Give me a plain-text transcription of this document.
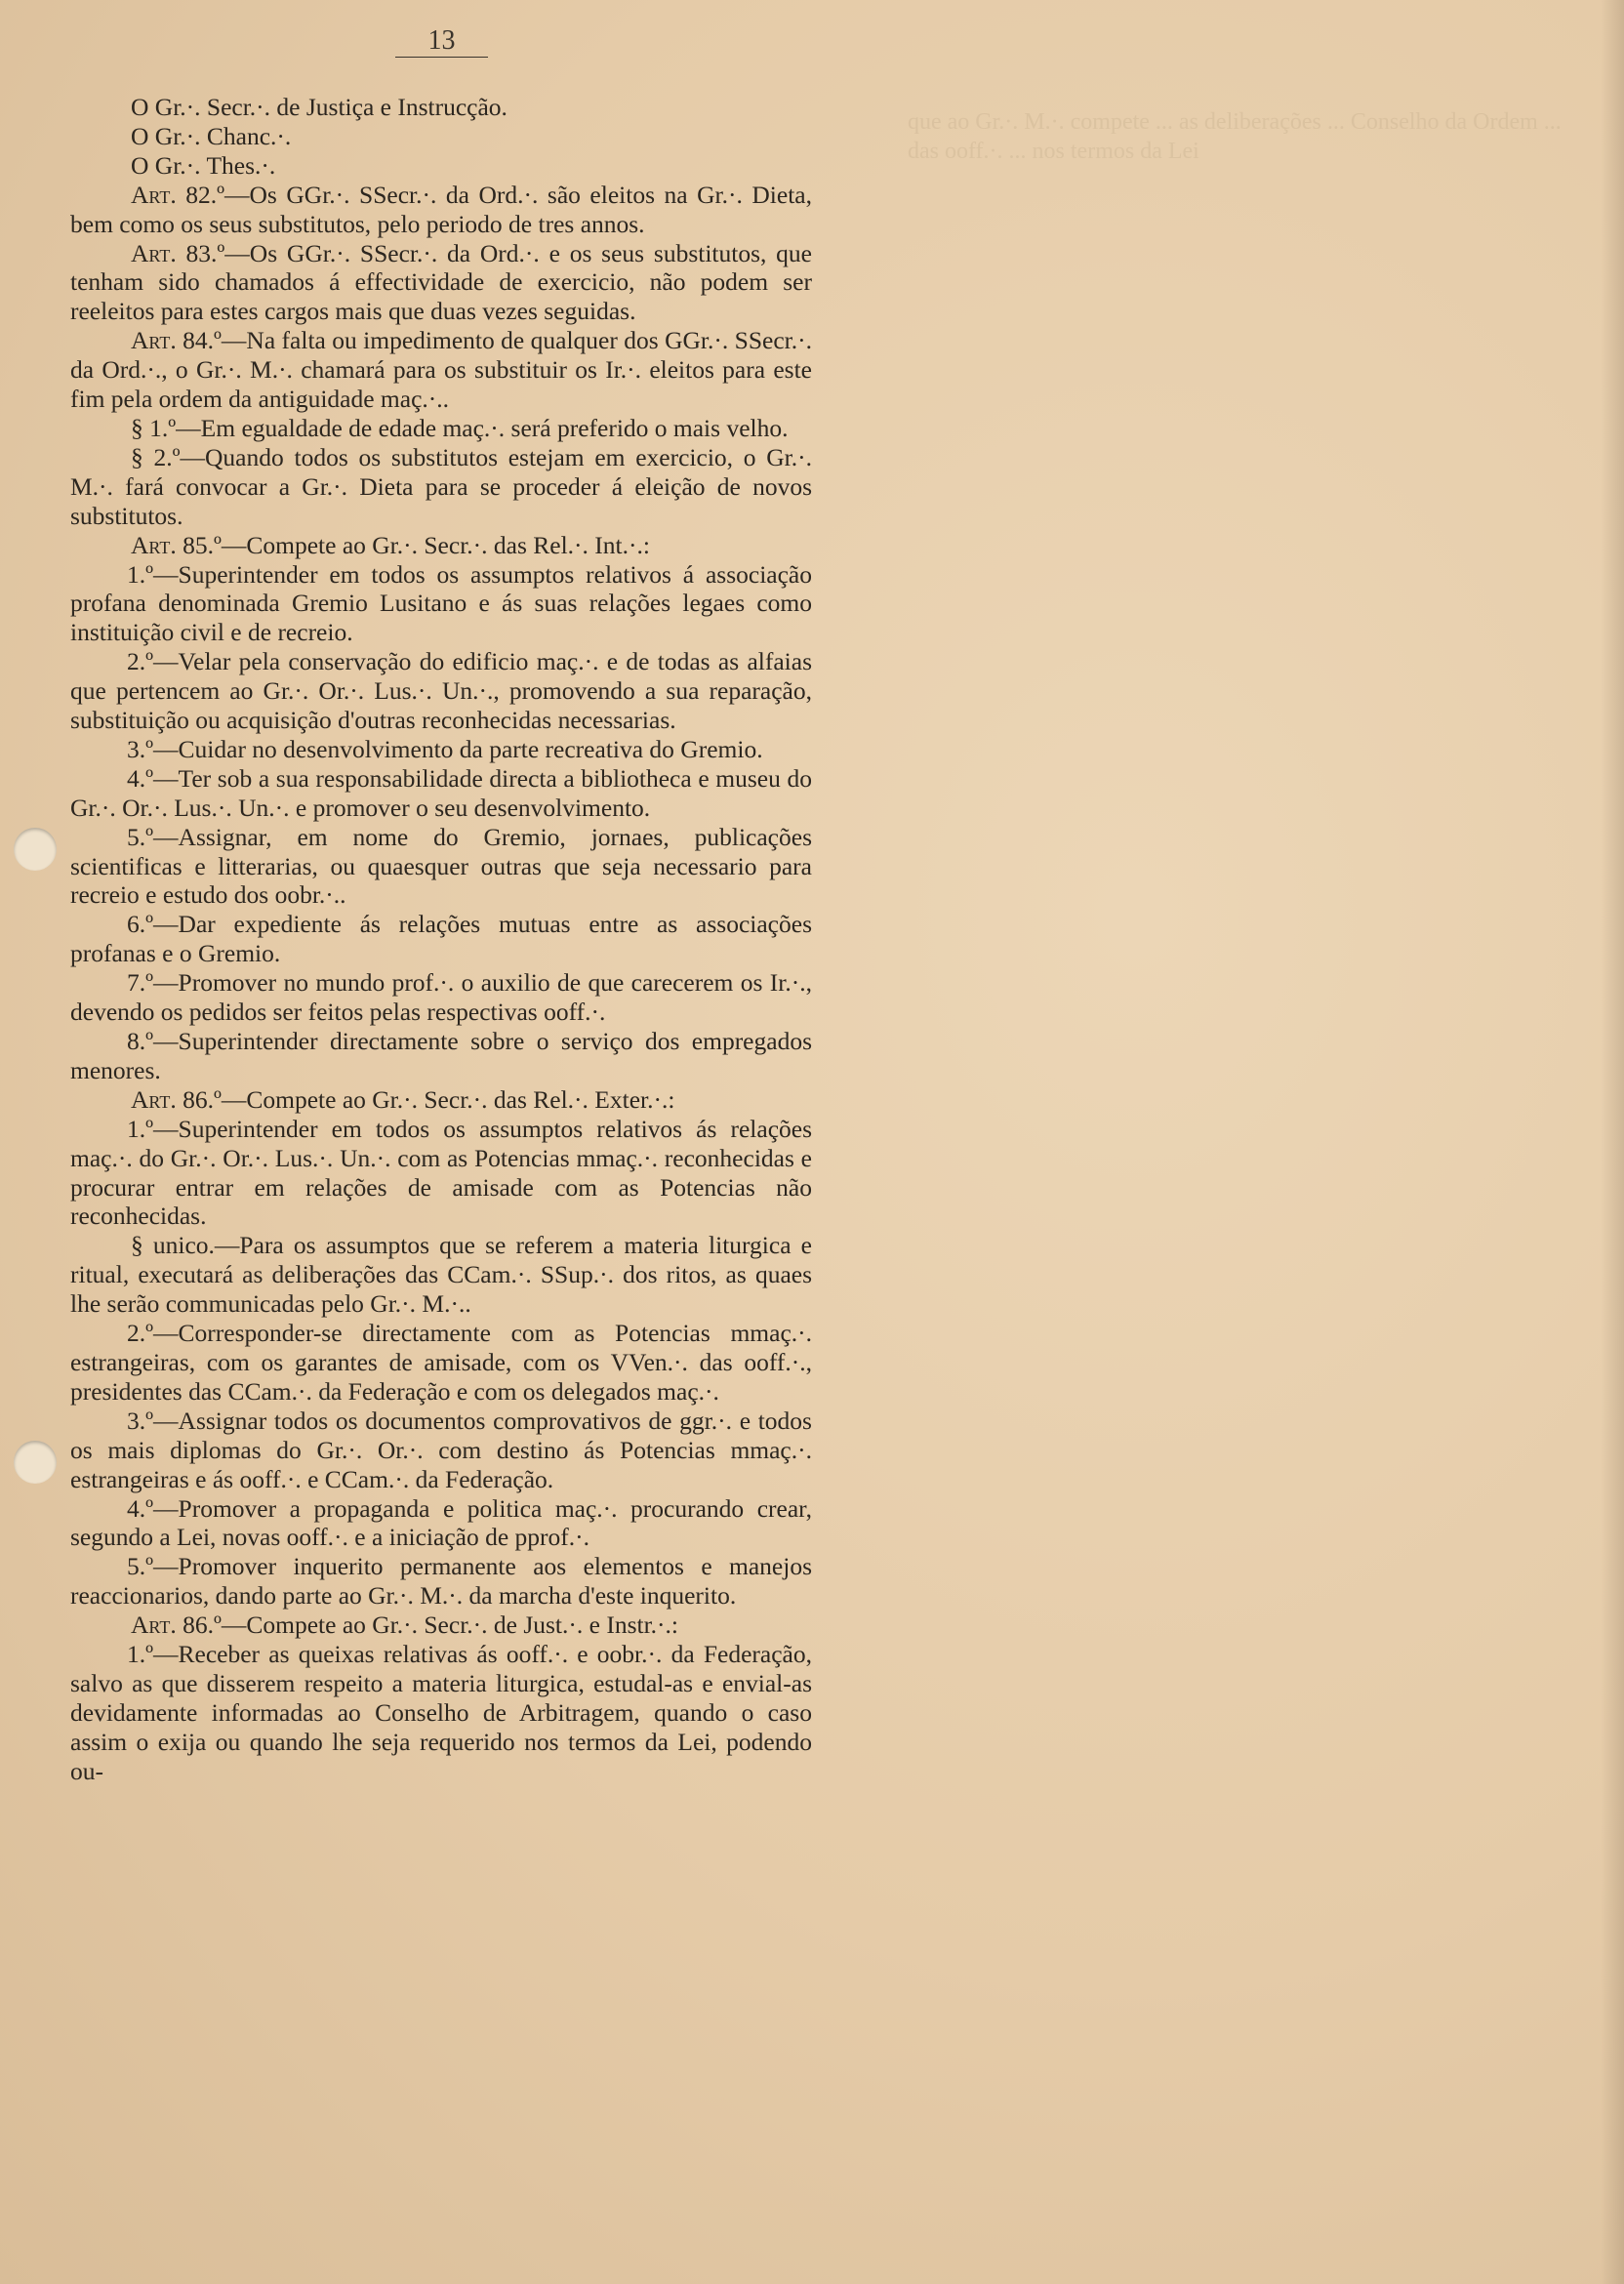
13
que ao Gr.·. M.·. compete ... as deliberações ... Conselho da Ordem ... das ooff.·. ... nos termos da Lei

O Gr.·. Secr.·. de Justiça e Instrucção.

O Gr.·. Chanc.·.

O Gr.·. Thes.·.

Art. 82.º—Os GGr.·. SSecr.·. da Ord.·. são eleitos na Gr.·. Dieta, bem como os seus substitutos, pelo periodo de tres annos.

Art. 83.º—Os GGr.·. SSecr.·. da Ord.·. e os seus substitutos, que tenham sido chamados á effectividade de exercicio, não podem ser reeleitos para estes cargos mais que duas vezes seguidas.

Art. 84.º—Na falta ou impedimento de qualquer dos GGr.·. SSecr.·. da Ord.·., o Gr.·. M.·. chamará para os substituir os Ir.·. eleitos para este fim pela ordem da antiguidade maç.·..

§ 1.º—Em egualdade de edade maç.·. será preferido o mais velho.

§ 2.º—Quando todos os substitutos estejam em exercicio, o Gr.·. M.·. fará convocar a Gr.·. Dieta para se proceder á eleição de novos substitutos.

Art. 85.º—Compete ao Gr.·. Secr.·. das Rel.·. Int.·.:

1.º—Superintender em todos os assumptos relativos á associação profana denominada Gremio Lusitano e ás suas relações legaes como instituição civil e de recreio.

2.º—Velar pela conservação do edificio maç.·. e de todas as alfaias que pertencem ao Gr.·. Or.·. Lus.·. Un.·., promovendo a sua reparação, substituição ou acquisição d'outras reconhecidas necessarias.

3.º—Cuidar no desenvolvimento da parte recreativa do Gremio.

4.º—Ter sob a sua responsabilidade directa a bibliotheca e museu do Gr.·. Or.·. Lus.·. Un.·. e promover o seu desenvolvimento.

5.º—Assignar, em nome do Gremio, jornaes, publicações scientificas e litterarias, ou quaesquer outras que seja necessario para recreio e estudo dos oobr.·..

6.º—Dar expediente ás relações mutuas entre as associações profanas e o Gremio.

7.º—Promover no mundo prof.·. o auxilio de que carecerem os Ir.·., devendo os pedidos ser feitos pelas respectivas ooff.·.

8.º—Superintender directamente sobre o serviço dos empregados menores.

Art. 86.º—Compete ao Gr.·. Secr.·. das Rel.·. Exter.·.:

1.º—Superintender em todos os assumptos relativos ás relações maç.·. do Gr.·. Or.·. Lus.·. Un.·. com as Potencias mmaç.·. reconhecidas e procurar entrar em relações de amisade com as Potencias não reconhecidas.

§ unico.—Para os assumptos que se referem a materia liturgica e ritual, executará as deliberações das CCam.·. SSup.·. dos ritos, as quaes lhe serão communicadas pelo Gr.·. M.·..

2.º—Corresponder-se directamente com as Potencias mmaç.·. estrangeiras, com os garantes de amisade, com os VVen.·. das ooff.·., presidentes das CCam.·. da Federação e com os delegados maç.·.

3.º—Assignar todos os documentos comprovativos de ggr.·. e todos os mais diplomas do Gr.·. Or.·. com destino ás Potencias mmaç.·. estrangeiras e ás ooff.·. e CCam.·. da Federação.

4.º—Promover a propaganda e politica maç.·. procurando crear, segundo a Lei, novas ooff.·. e a iniciação de pprof.·.

5.º—Promover inquerito permanente aos elementos e manejos reaccionarios, dando parte ao Gr.·. M.·. da marcha d'este inquerito.

Art. 86.º—Compete ao Gr.·. Secr.·. de Just.·. e Instr.·.:

1.º—Receber as queixas relativas ás ooff.·. e oobr.·. da Federação, salvo as que disserem respeito a materia liturgica, estudal-as e envial-as devidamente informadas ao Conselho de Arbitragem, quando o caso assim o exija ou quando lhe seja requerido nos termos da Lei, podendo ou-
